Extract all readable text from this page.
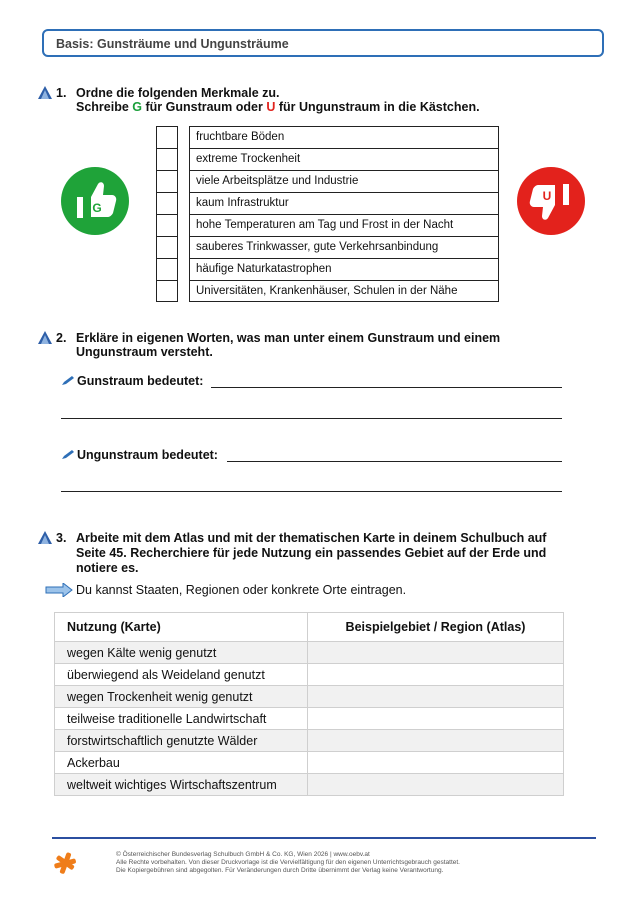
Basis: Gunsträume und Ungunsträume
1. Ordne die folgenden Merkmale zu.
Schreibe G für Gunstraum oder U für Ungunstraum in die Kästchen.
fruchtbare Böden
extreme Trockenheit
viele Arbeitsplätze und Industrie
kaum Infrastruktur
hohe Temperaturen am Tag und Frost in der Nacht
sauberes Trinkwasser, gute Verkehrsanbindung
häufige Naturkatastrophen
Universitäten, Krankenhäuser, Schulen in der Nähe
G
U
2. Erkläre in eigenen Worten, was man unter einem Gunstraum und einem
Ungunstraum versteht.
Gunstraum bedeutet:
Ungunstraum bedeutet:
3. Arbeite mit dem Atlas und mit der thematischen Karte in deinem Schulbuch auf
Seite 45. Recherchiere für jede Nutzung ein passendes Gebiet auf der Erde und
notiere es.
Du kannst Staaten, Regionen oder konkrete Orte eintragen.
Nutzung (Karte)	Beispielgebiet / Region (Atlas)
wegen Kälte wenig genutzt	
überwiegend als Weideland genutzt	
wegen Trockenheit wenig genutzt	
teilweise traditionelle Landwirtschaft	
forstwirtschaftlich genutzte Wälder	
Ackerbau	
weltweit wichtiges Wirtschaftszentrum	
© Österreichischer Bundesverlag Schulbuch GmbH & Co. KG, Wien 2026 | www.oebv.at
Alle Rechte vorbehalten. Von dieser Druckvorlage ist die Vervielfältigung für den eigenen Unterrichtsgebrauch gestattet.
Die Kopiergebühren sind abgegolten. Für Veränderungen durch Dritte übernimmt der Verlag keine Verantwortung.
